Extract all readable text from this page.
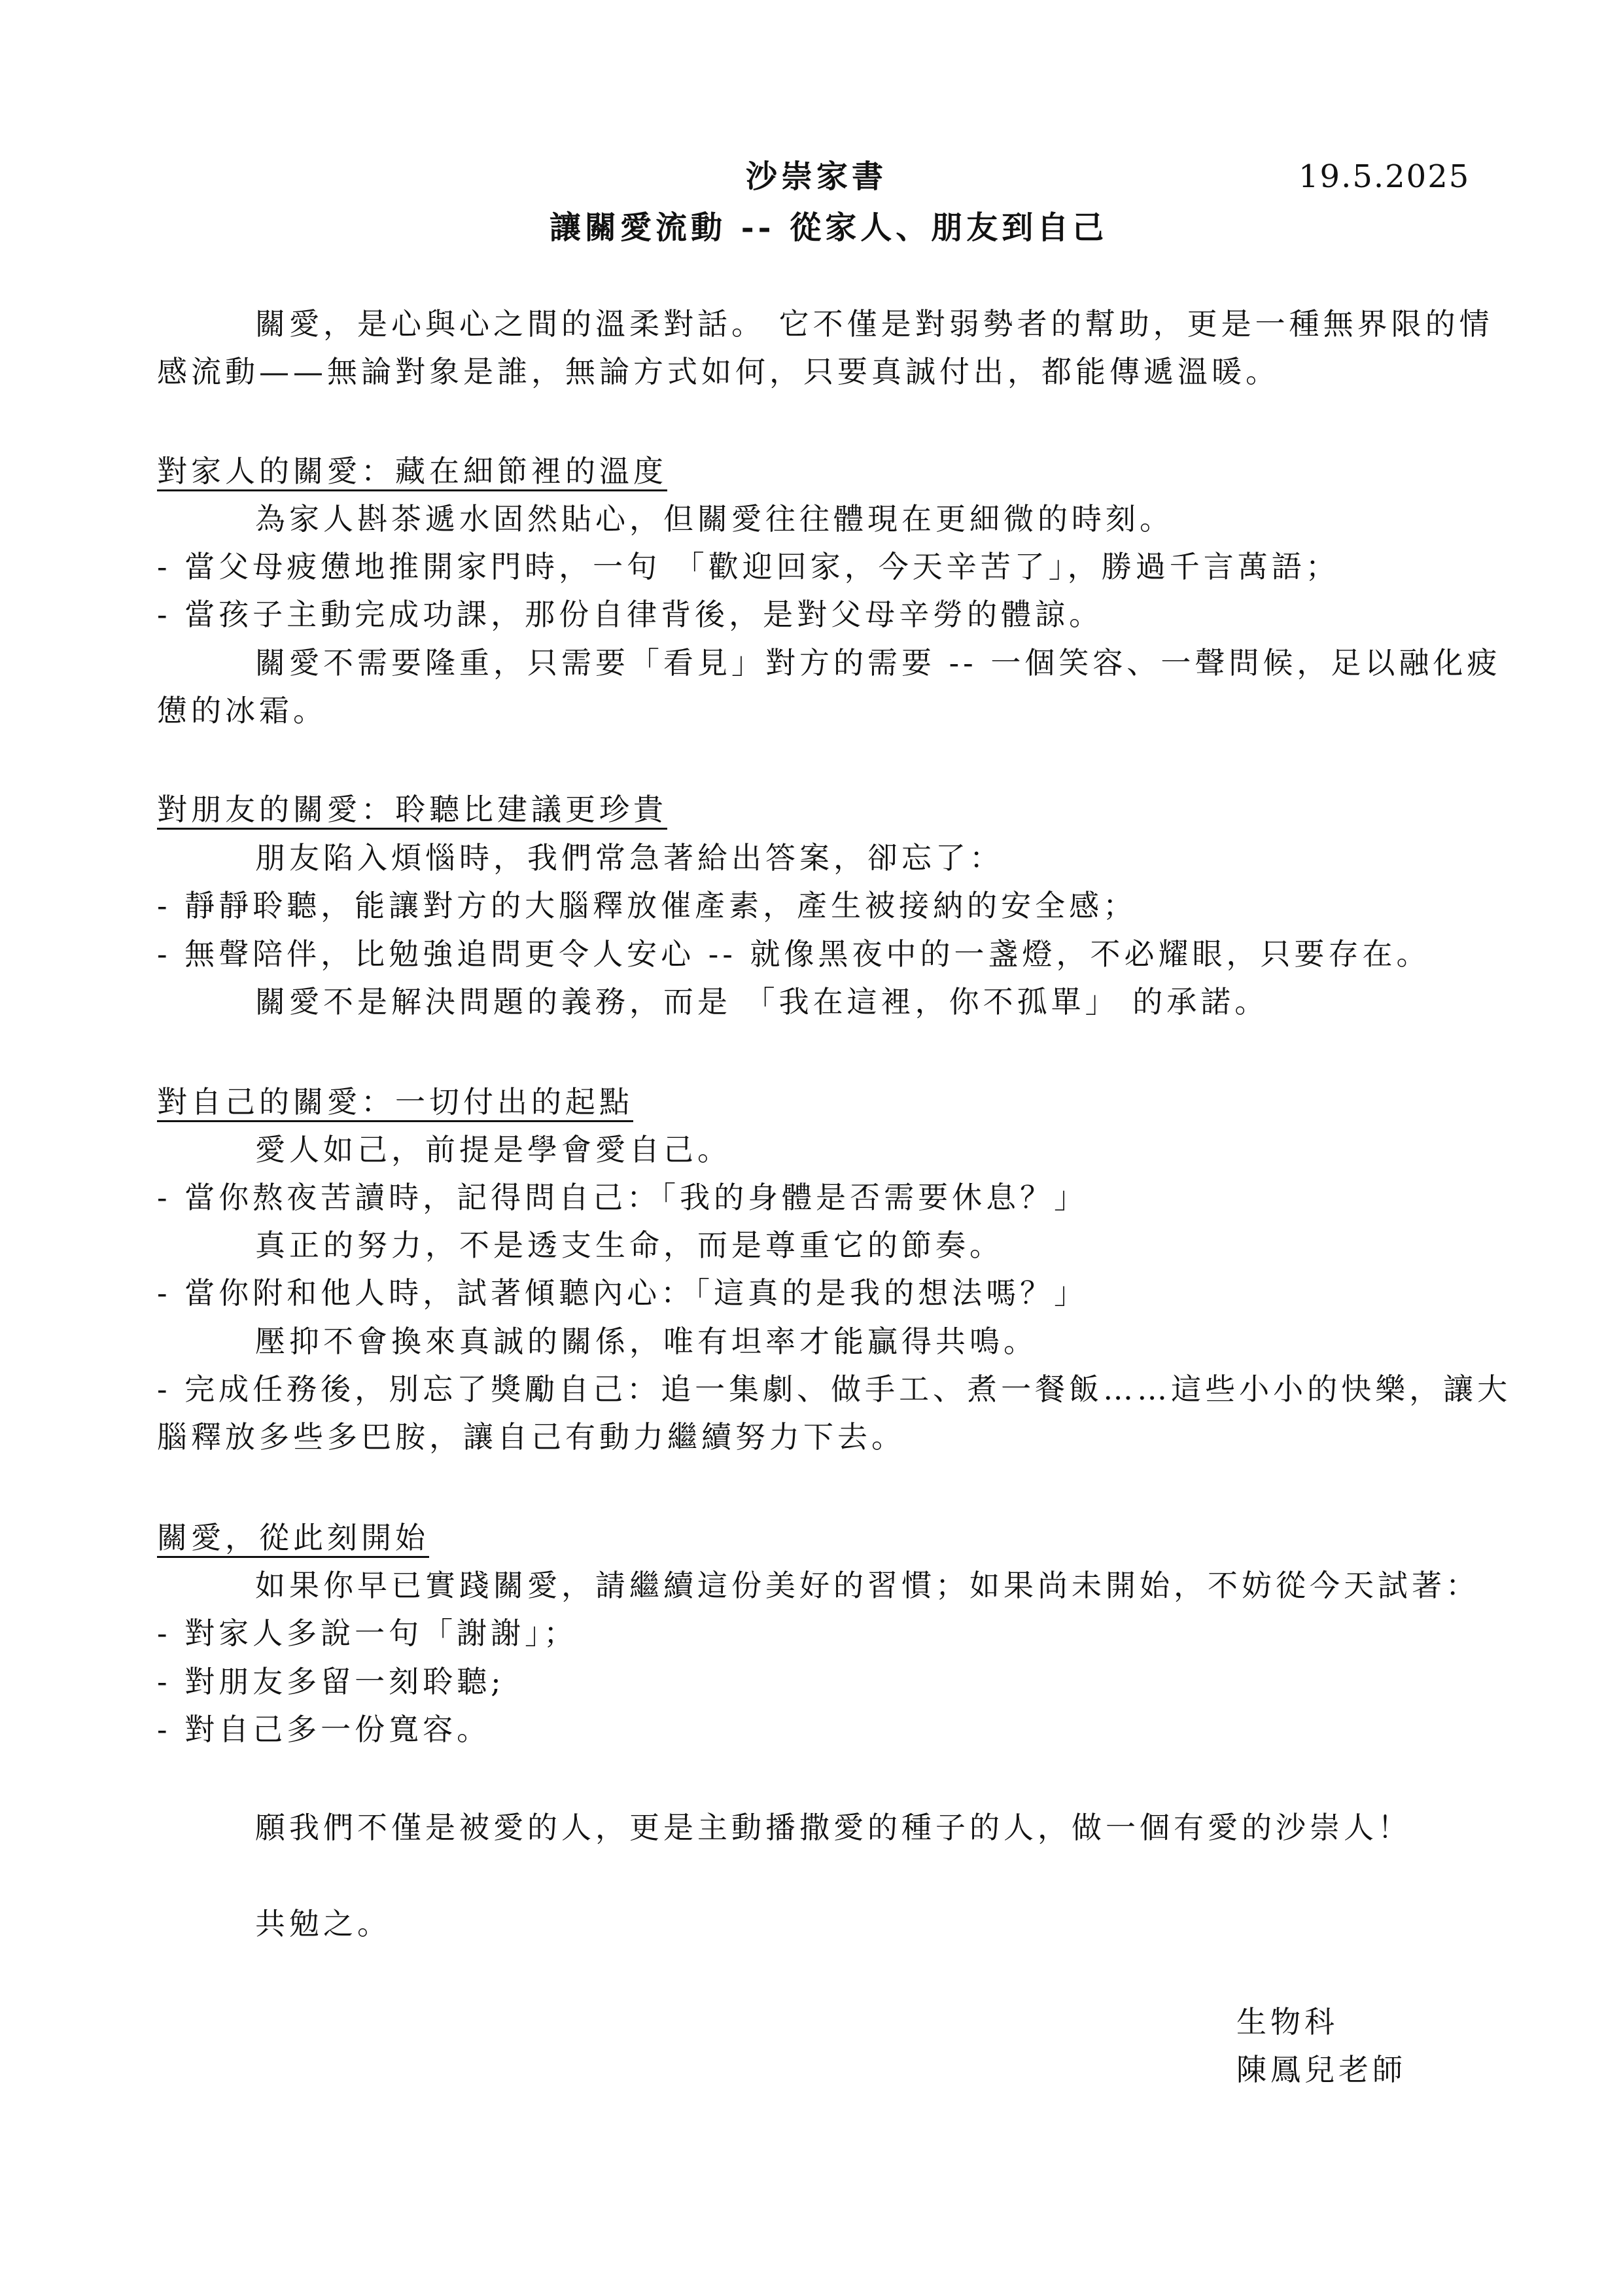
沙崇家書	19.5.2025
讓關愛流動 -- 從家人、朋友到自己
關愛，是心與心之間的溫柔對話。 它不僅是對弱勢者的幫助，更是一種無界限的情
感流動——無論對象是誰，無論方式如何，只要真誠付出，都能傳遞溫暖。
對家人的關愛：藏在細節裡的溫度
為家人斟茶遞水固然貼心，但關愛往往體現在更細微的時刻。
- 當父母疲憊地推開家門時，一句 「歡迎回家，今天辛苦了」，勝過千言萬語；
- 當孩子主動完成功課，那份自律背後，是對父母辛勞的體諒。
關愛不需要隆重，只需要「看見」對方的需要 -- 一個笑容、一聲問候，足以融化疲
憊的冰霜。
對朋友的關愛：聆聽比建議更珍貴
朋友陷入煩惱時，我們常急著給出答案，卻忘了：
- 靜靜聆聽，能讓對方的大腦釋放催產素，產生被接納的安全感；
- 無聲陪伴，比勉強追問更令人安心 -- 就像黑夜中的一盞燈，不必耀眼，只要存在。
關愛不是解決問題的義務，而是 「我在這裡，你不孤單」 的承諾。
對自己的關愛：一切付出的起點
愛人如己，前提是學會愛自己。
- 當你熬夜苦讀時，記得問自己：「我的身體是否需要休息？」
真正的努力，不是透支生命，而是尊重它的節奏。
- 當你附和他人時，試著傾聽內心：「這真的是我的想法嗎？」
壓抑不會換來真誠的關係，唯有坦率才能贏得共鳴。
- 完成任務後，別忘了獎勵自己：追一集劇、做手工、煮一餐飯……這些小小的快樂，讓大
腦釋放多些多巴胺，讓自己有動力繼續努力下去。
關愛，從此刻開始
如果你早已實踐關愛，請繼續這份美好的習慣；如果尚未開始，不妨從今天試著：
- 對家人多說一句「謝謝」；
- 對朋友多留一刻聆聽;
- 對自己多一份寬容。
願我們不僅是被愛的人，更是主動播撒愛的種子的人，做一個有愛的沙崇人！
共勉之。
生物科
陳鳳兒老師
